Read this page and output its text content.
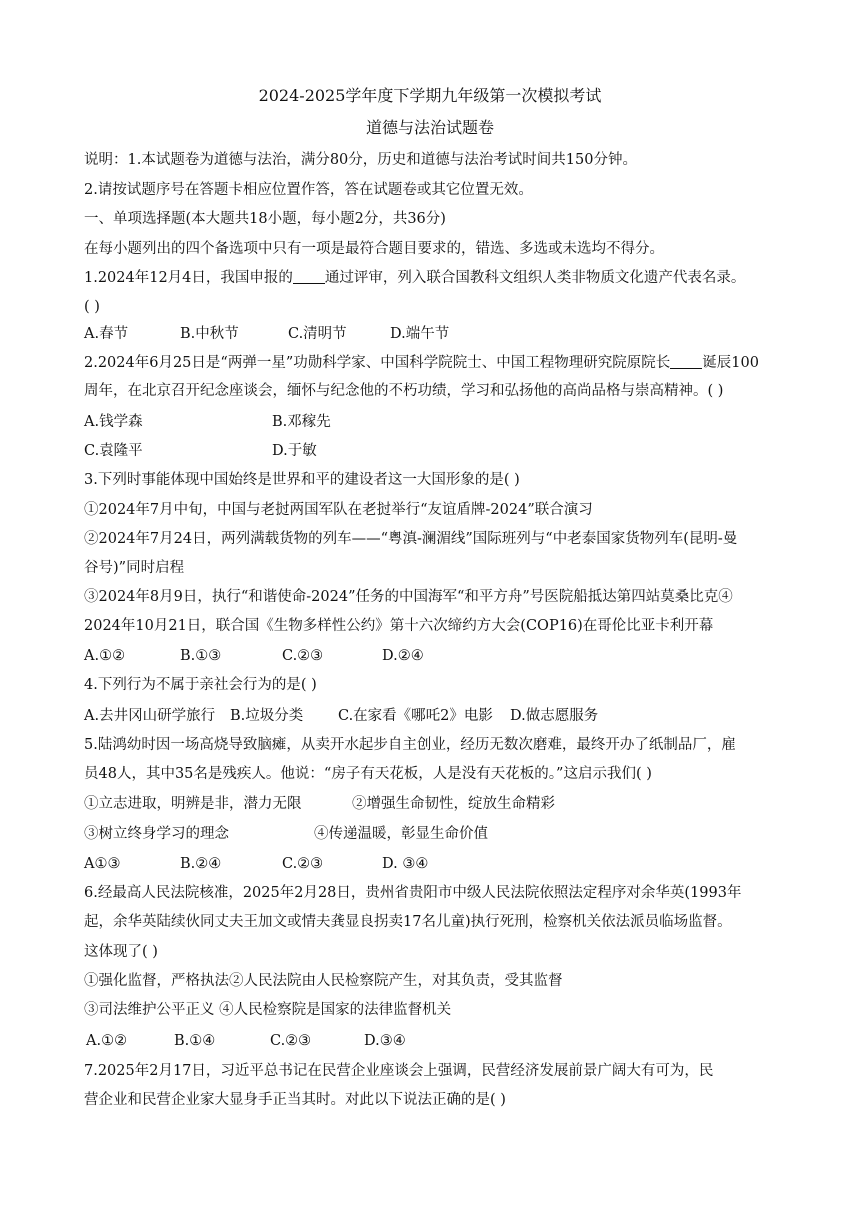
2024-2025学年度下学期九年级第一次模拟考试
道德与法治试题卷
说明：1.本试题卷为道德与法治，满分80分，历史和道德与法治考试时间共150分钟。
2.请按试题序号在答题卡相应位置作答，答在试题卷或其它位置无效。
一、单项选择题(本大题共18小题，每小题2分，共36分)
在每小题列出的四个备选项中只有一项是最符合题目要求的，错选、多选或未选均不得分。
1.2024年12月4日，我国申报的 通过评审，列入联合国教科文组织人类非物质文化遗产代表名录。
( )
A.春节	B.中秋节	C.清明节	D.端午节
2.2024年6月25日是“两弹一星”功勋科学家、中国科学院院士、中国工程物理研究院原院长 诞辰100
周年，在北京召开纪念座谈会，缅怀与纪念他的不朽功绩，学习和弘扬他的高尚品格与崇高精神。( )
A.钱学森	B.邓稼先
C.袁隆平	D.于敏
3.下列时事能体现中国始终是世界和平的建设者这一大国形象的是( )
①2024年7月中旬，中国与老挝两国军队在老挝举行“友谊盾牌-2024”联合演习
②2024年7月24日，两列满载货物的列车——“粤滇-澜湄线”国际班列与“中老泰国家货物列车(昆明-曼
谷号)”同时启程
③2024年8月9日，执行“和谐使命-2024”任务的中国海军“和平方舟”号医院船抵达第四站莫桑比克④
2024年10月21日，联合国《生物多样性公约》第十六次缔约方大会(COP16)在哥伦比亚卡利开幕
A.①②	B.①③	C.②③	D.②④
4.下列行为不属于亲社会行为的是( )
A.去井冈山研学旅行 B.垃圾分类 C.在家看《哪吒2》电影 D.做志愿服务
5.陆鸿幼时因一场高烧导致脑瘫，从卖开水起步自主创业，经历无数次磨难，最终开办了纸制品厂，雇
员48人，其中35名是残疾人。他说：“房子有天花板，人是没有天花板的。”这启示我们( )
①立志进取，明辨是非，潜力无限	②增强生命韧性，绽放生命精彩
③树立终身学习的理念	④传递温暖，彰显生命价值
A①③	B.②④	C.②③	D. ③④
6.经最高人民法院核准，2025年2月28日，贵州省贵阳市中级人民法院依照法定程序对余华英(1993年
起，余华英陆续伙同丈夫王加文或情夫龚显良拐卖17名儿童)执行死刑，检察机关依法派员临场监督。
这体现了( )
①强化监督，严格执法②人民法院由人民检察院产生，对其负责，受其监督
③司法维护公平正义 ④人民检察院是国家的法律监督机关
A.①②	B.①④	C.②③	D.③④
7.2025年2月17日，习近平总书记在民营企业座谈会上强调，民营经济发展前景广阔大有可为，民
营企业和民营企业家大显身手正当其时。对此以下说法正确的是( )
